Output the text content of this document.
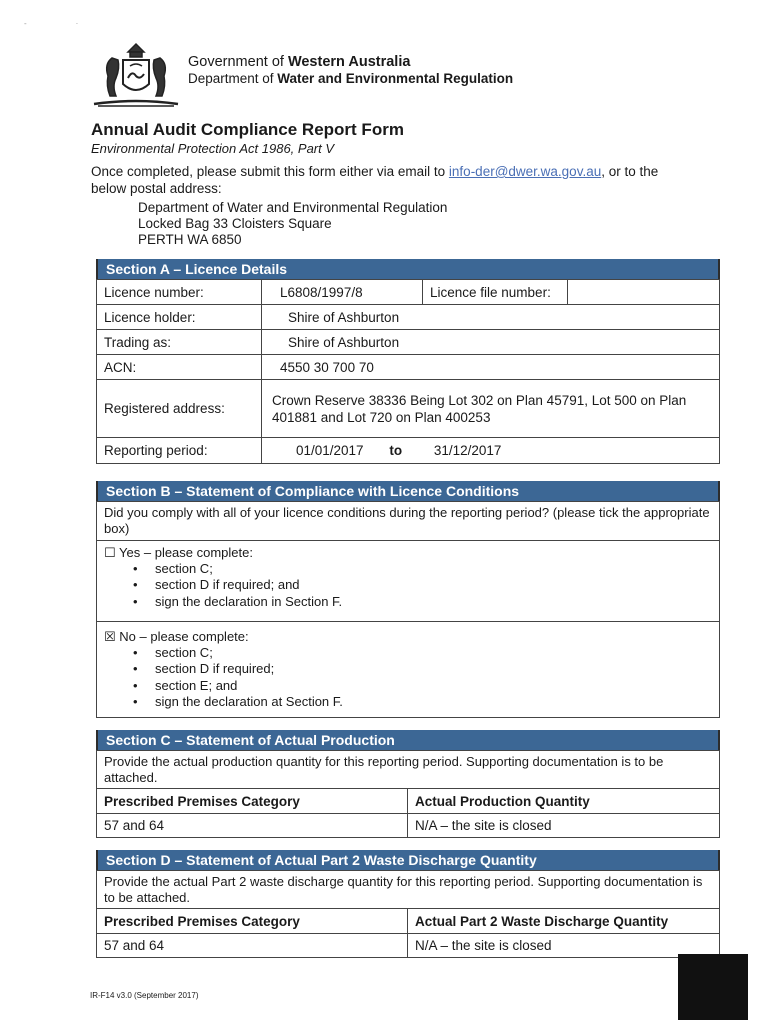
-                      ·
Government of Western Australia
Department of Water and Environmental Regulation
Annual Audit Compliance Report Form
Environmental Protection Act 1986, Part V
Once completed, please submit this form either via email to info-der@dwer.wa.gov.au, or to the below postal address:
Department of Water and Environmental Regulation
Locked Bag 33 Cloisters Square
PERTH WA 6850
Section A – Licence Details
Licence number:	L6808/1997/8	Licence file number:	
Licence holder:	Shire of Ashburton		
Trading as:	Shire of Ashburton		
ACN:	4550 30 700 70		
Registered address:	Crown Reserve 38336 Being Lot 302 on Plan 45791, Lot 500 on Plan 401881 and Lot 720 on Plan 400253		
Reporting period:	01/01/2017 to 31/12/2017		
Section B – Statement of Compliance with Licence Conditions
Did you comply with all of your licence conditions during the reporting period? (please tick the appropriate box)
☐ Yes – please complete:
• section C;
• section D if required; and
• sign the declaration in Section F.
☒ No – please complete:
• section C;
• section D if required;
• section E; and
• sign the declaration at Section F.
Section C – Statement of Actual Production
Provide the actual production quantity for this reporting period. Supporting documentation is to be attached.
Prescribed Premises Category	Actual Production Quantity
57 and 64	N/A – the site is closed
Section D – Statement of Actual Part 2 Waste Discharge Quantity
Provide the actual Part 2 waste discharge quantity for this reporting period. Supporting documentation is to be attached.
Prescribed Premises Category	Actual Part 2 Waste Discharge Quantity
57 and 64	N/A – the site is closed
IR-F14 v3.0 (September 2017)
